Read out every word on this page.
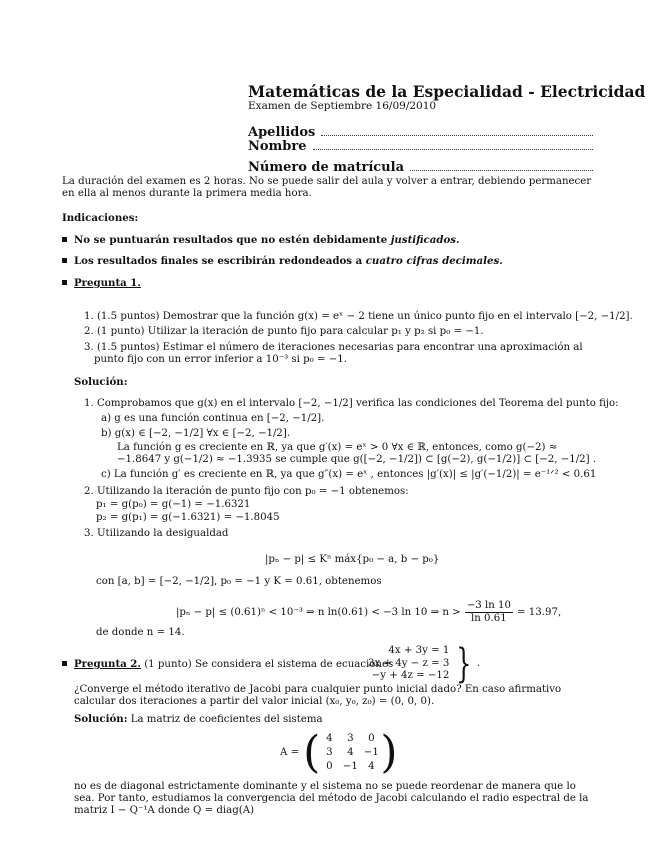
Matemáticas de la Especialidad - Electricidad
Examen de Septiembre 16/09/2010
Apellidos
Nombre
Número de matrícula
La duración del examen es 2 horas. No se puede salir del aula y volver a entrar, debiendo permanecer en ella al menos durante la primera media hora.
Indicaciones:
No se puntuarán resultados que no estén debidamente justificados.
Los resultados finales se escribirán redondeados a cuatro cifras decimales.
Pregunta 1.
1. (1.5 puntos) Demostrar que la función g(x) = eˣ − 2 tiene un único punto fijo en el intervalo [−2, −1/2].
2. (1 punto) Utilizar la iteración de punto fijo para calcular p₁ y p₂ si p₀ = −1.
3. (1.5 puntos) Estimar el número de iteraciones necesarias para encontrar una aproximación al punto fijo con un error inferior a 10⁻³ si p₀ = −1.
Solución:
1. Comprobamos que g(x) en el intervalo [−2, −1/2] verifica las condiciones del Teorema del punto fijo:
a) g es una función continua en [−2, −1/2].
b) g(x) ∈ [−2, −1/2] ∀x ∈ [−2, −1/2].
La función g es creciente en ℝ, ya que g′(x) = eˣ > 0 ∀x ∈ ℝ, entonces, como g(−2) ≈ −1.8647 y g(−1/2) ≈ −1.3935 se cumple que g([−2, −1/2]) ⊂ [g(−2), g(−1/2)] ⊂ [−2, −1/2] .
c) La función g′ es creciente en ℝ, ya que g″(x) = eˣ , entonces |g′(x)| ≤ |g′(−1/2)| = e⁻¹ᐟ² < 0.61
2. Utilizando la iteración de punto fijo con p₀ = −1 obtenemos:
p₁ = g(p₀) = g(−1) = −1.6321
p₂ = g(p₁) = g(−1.6321) = −1.8045
3. Utilizando la desigualdad
|pₙ − p| ≤ Kⁿ máx{p₀ − a, b − p₀}
con [a, b] = [−2, −1/2], p₀ = −1 y K = 0.61, obtenemos
|pₙ − p| ≤ (0.61)ⁿ < 10⁻³ ⇒ n ln(0.61) < −3 ln 10 ⇒ $n > \frac{-3 \ln 10}{\ln 0.61} = 13.97$,
de donde n = 14.
Pregunta 2. (1 punto) Se considera el sistema de ecuaciones
4x + 3y = 1
3x + 4y − z = 3
−y + 4z = −12 } .
¿Converge el método iterativo de Jacobi para cualquier punto inicial dado? En caso afirmativo calcular dos iteraciones a partir del valor inicial (x₀, y₀, z₀) = (0, 0, 0).
Solución: La matriz de coeficientes del sistema
A = ( 4	3	0
3	4	−1
0	−1	4 )
no es de diagonal estrictamente dominante y el sistema no se puede reordenar de manera que lo sea. Por tanto, estudiamos la convergencia del método de Jacobi calculando el radio espectral de la matriz I − Q⁻¹A donde Q = diag(A)
